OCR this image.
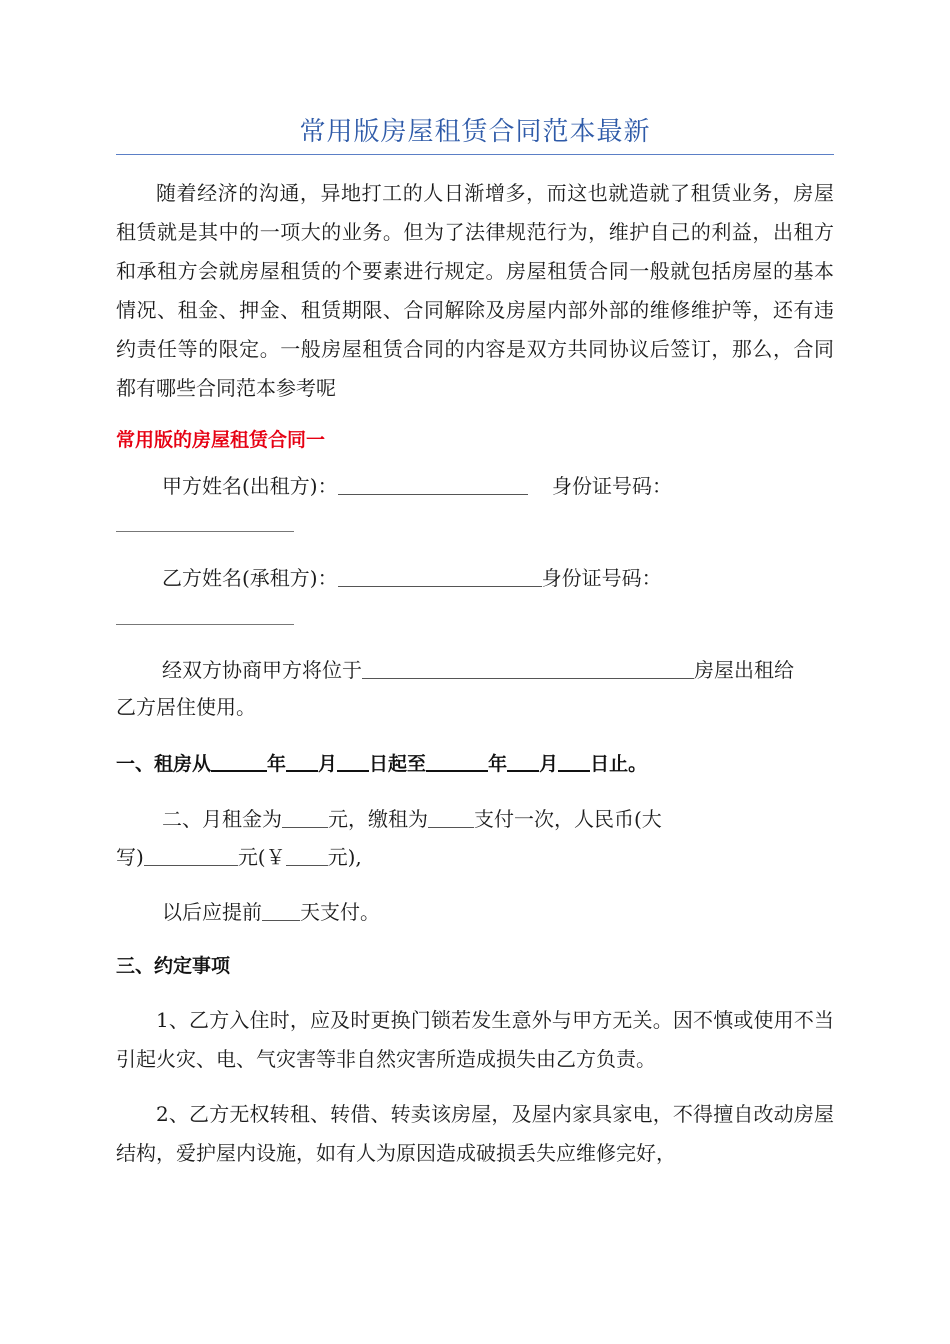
常用版房屋租赁合同范本最新
随着经济的沟通，异地打工的人日渐增多，而这也就造就了租赁业务，房屋租赁就是其中的一项大的业务。但为了法律规范行为，维护自己的利益，出租方和承租方会就房屋租赁的个要素进行规定。房屋租赁合同一般就包括房屋的基本情况、租金、押金、租赁期限、合同解除及房屋内部外部的维修维护等，还有违约责任等的限定。一般房屋租赁合同的内容是双方共同协议后签订，那么，合同都有哪些合同范本参考呢
常用版的房屋租赁合同一
甲方姓名(出租方)：	身份证号码：
乙方姓名(承租方)：	身份证号码：
经双方协商甲方将位于	房屋出租给
乙方居住使用。
一、租房从	年 月 日起至	年 月 日止。
二、月租金为 元，缴租为 支付一次，人民币(大
写)	元(￥ 元),
以后应提前 天支付。
三、约定事项
1、乙方入住时，应及时更换门锁若发生意外与甲方无关。因不慎或使用不当引起火灾、电、气灾害等非自然灾害所造成损失由乙方负责。
2、乙方无权转租、转借、转卖该房屋，及屋内家具家电，不得擅自改动房屋结构，爱护屋内设施，如有人为原因造成破损丢失应维修完好，
